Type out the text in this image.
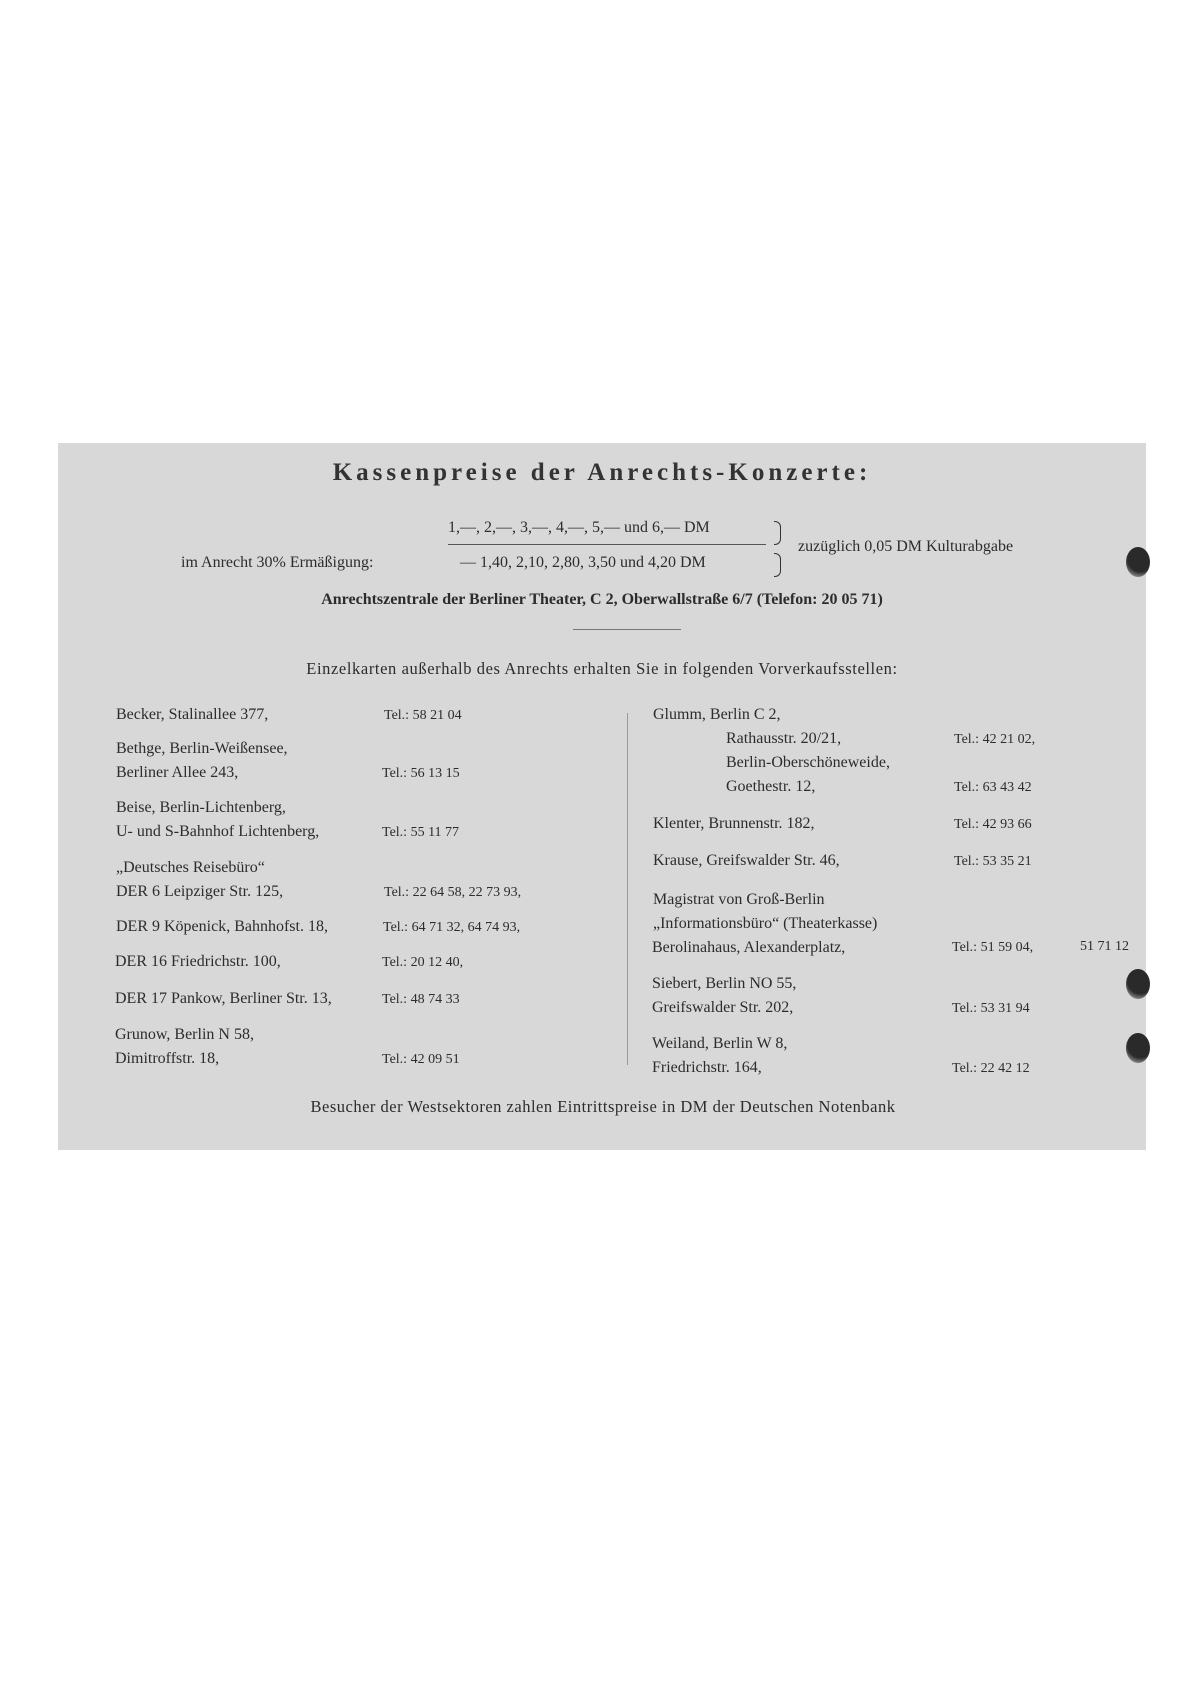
Kassenpreise der Anrechts-Konzerte:
1,—, 2,—, 3,—, 4,—, 5,— und 6,— DM
im Anrecht 30% Ermäßigung:	— 1,40, 2,10, 2,80, 3,50 und 4,20 DM
zuzüglich 0,05 DM Kulturabgabe
Anrechtszentrale der Berliner Theater, C 2, Oberwallstraße 6/7 (Telefon: 20 05 71)
Einzelkarten außerhalb des Anrechts erhalten Sie in folgenden Vorverkaufsstellen:
Becker, Stalinallee 377,	Tel.: 58 21 04
Bethge, Berlin-Weißensee,
Berliner Allee 243,	Tel.: 56 13 15
Beise, Berlin-Lichtenberg,
U- und S-Bahnhof Lichtenberg,	Tel.: 55 11 77
„Deutsches Reisebüro“
DER 6 Leipziger Str. 125,	Tel.: 22 64 58, 22 73 93,
DER 9 Köpenick, Bahnhofst. 18,	Tel.: 64 71 32, 64 74 93,
DER 16 Friedrichstr. 100,	Tel.: 20 12 40,
DER 17 Pankow, Berliner Str. 13,	Tel.: 48 74 33
Grunow, Berlin N 58,
Dimitroffstr. 18,	Tel.: 42 09 51
Glumm, Berlin C 2,
Rathausstr. 20/21,	Tel.: 42 21 02,
Berlin-Oberschöneweide,
Goethestr. 12,	Tel.: 63 43 42
Klenter, Brunnenstr. 182,	Tel.: 42 93 66
Krause, Greifswalder Str. 46,	Tel.: 53 35 21
Magistrat von Groß-Berlin
„Informationsbüro“ (Theaterkasse)
Berolinahaus, Alexanderplatz,	Tel.: 51 59 04,	51 71 12
Siebert, Berlin NO 55,
Greifswalder Str. 202,	Tel.: 53 31 94
Weiland, Berlin W 8,
Friedrichstr. 164,	Tel.: 22 42 12
Besucher der Westsektoren zahlen Eintrittspreise in DM der Deutschen Notenbank
